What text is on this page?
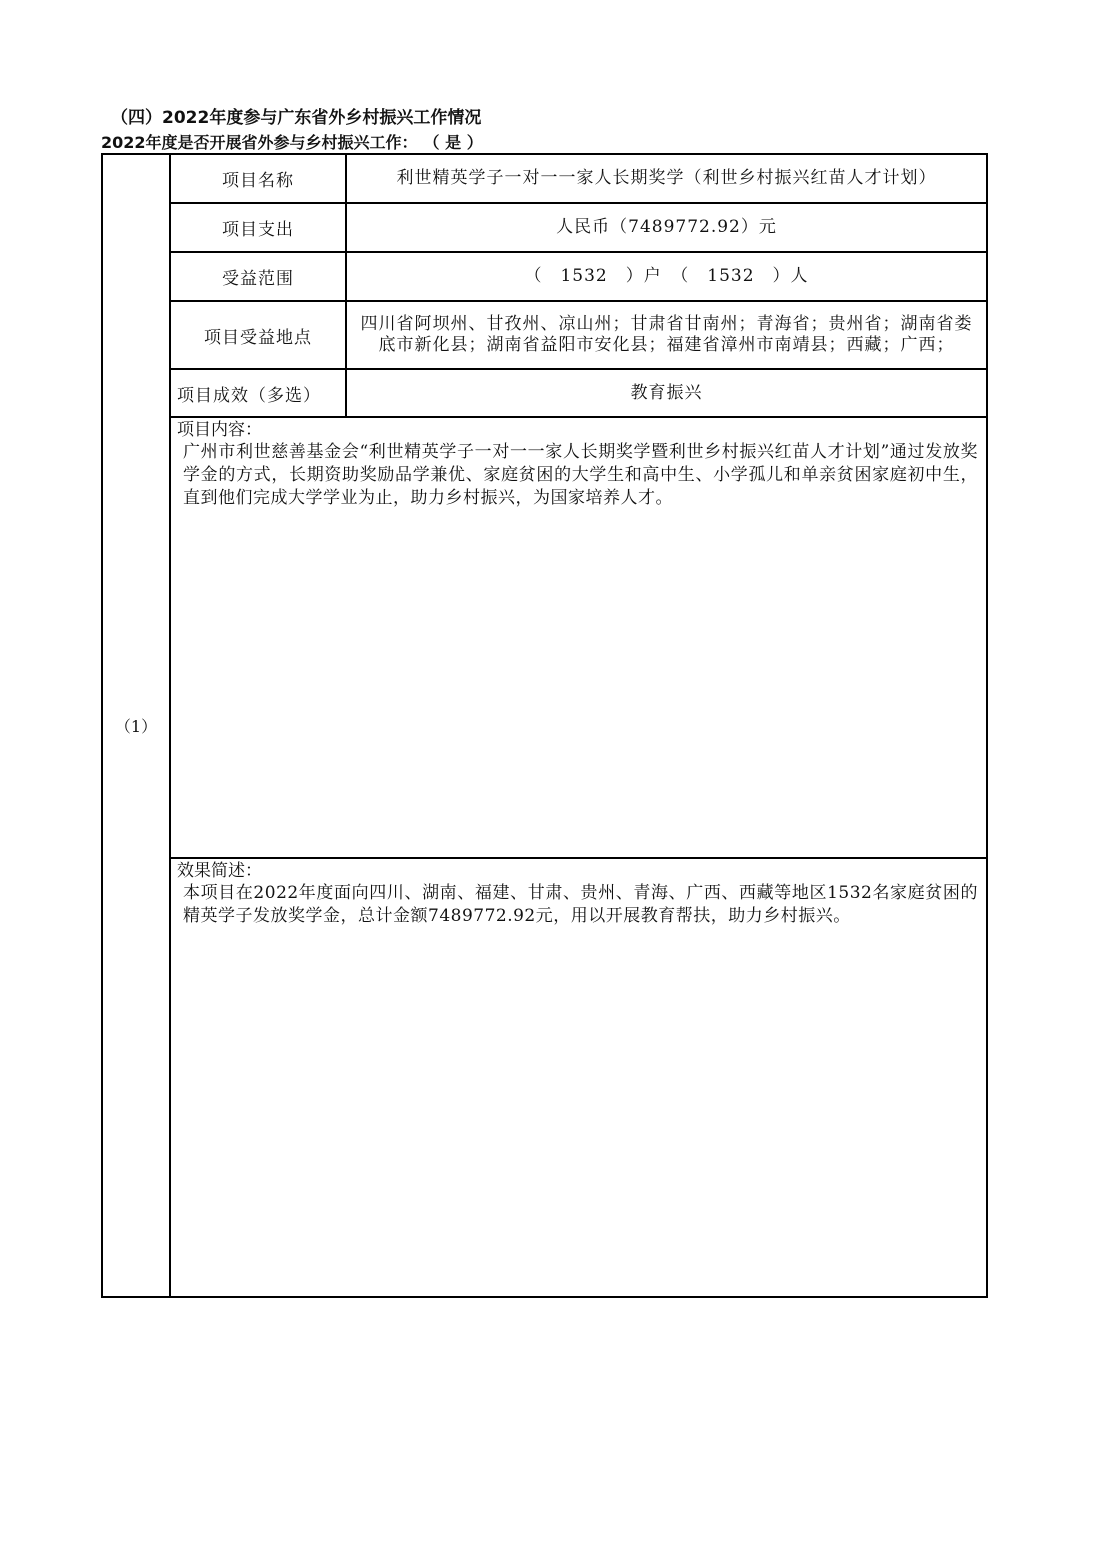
（四）2022年度参与广东省外乡村振兴工作情况
2022年度是否开展省外参与乡村振兴工作： （ 是 ）
（1）
项目名称	利世精英学子一对一一家人长期奖学（利世乡村振兴红苗人才计划）
项目支出	人民币（7489772.92）元
受益范围	（　1532　）户　（　1532　）人
项目受益地点
四川省阿坝州、甘孜州、凉山州；甘肃省甘南州；青海省；贵州省；湖南省娄底市新化县；湖南省益阳市安化县；福建省漳州市南靖县；西藏；广西；
项目成效（多选）	教育振兴
项目内容：
广州市利世慈善基金会“利世精英学子一对一一家人长期奖学暨利世乡村振兴红苗人才计划”通过发放奖学金的方式，长期资助奖励品学兼优、家庭贫困的大学生和高中生、小学孤儿和单亲贫困家庭初中生，直到他们完成大学学业为止，助力乡村振兴，为国家培养人才。
效果简述：
本项目在2022年度面向四川、湖南、福建、甘肃、贵州、青海、广西、西藏等地区1532名家庭贫困的精英学子发放奖学金，总计金额7489772.92元，用以开展教育帮扶，助力乡村振兴。
